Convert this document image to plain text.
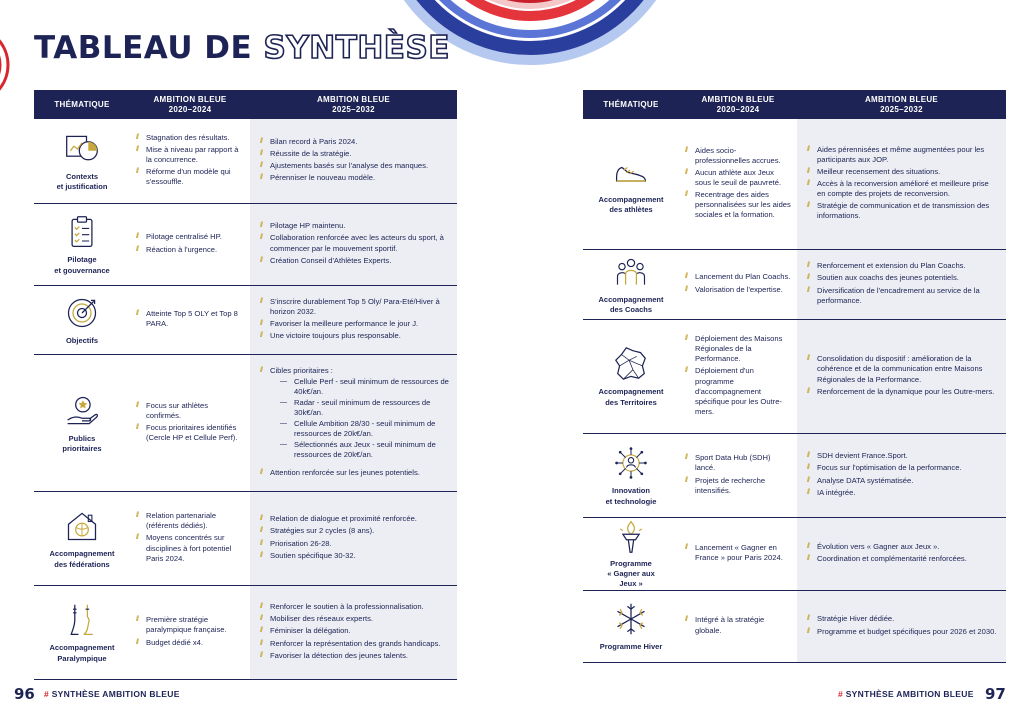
TABLEAU DE SYNTHÈSE
THÉMATIQUE
AMBITION BLEUE
2020–2024
AMBITION BLEUE
2025–2032
Contexts
et justification
// Stagnation des résultats.
// Mise à niveau par rapport à la concurrence.
// Réforme d'un modèle qui s'essouffle.
// Bilan record à Paris 2024.
// Réussite de la stratégie.
// Ajustements basés sur l'analyse des manques.
// Pérenniser le nouveau modèle.
Pilotage
et gouvernance
// Pilotage centralisé HP.
// Réaction à l'urgence.
// Pilotage HP maintenu.
// Collaboration renforcée avec les acteurs du sport, à commencer par le mouvement sportif.
// Création Conseil d'Athlètes Experts.
Objectifs
// Atteinte Top 5 OLY et Top 8 PARA.
// S'inscrire durablement Top 5 Oly/ Para-Eté/Hiver à horizon 2032.
// Favoriser la meilleure performance le jour J.
// Une victoire toujours plus responsable.
Publics
prioritaires
// Focus sur athlètes confirmés.
// Focus prioritaires identifiés (Cercle HP et Cellule Perf).
// Cibles prioritaires :
— Cellule Perf - seuil minimum de ressources de 40k€/an.
— Radar - seuil minimum de ressources de 30k€/an.
— Cellule Ambition 28/30 - seuil minimum de ressources de 20k€/an.
— Sélectionnés aux Jeux - seuil minimum de ressources de 20k€/an.
// Attention renforcée sur les jeunes potentiels.
Accompagnement
des fédérations
// Relation partenariale (référents dédiés).
// Moyens concentrés sur disciplines à fort potentiel Paris 2024.
// Relation de dialogue et proximité renforcée.
// Stratégies sur 2 cycles (8 ans).
// Priorisation 26-28.
// Soutien spécifique 30-32.
Accompagnement
Paralympique
// Première stratégie paralympique française.
// Budget dédié x4.
// Renforcer le soutien à la professionnalisation.
// Mobiliser des réseaux experts.
// Féminiser la délégation.
// Renforcer la représentation des grands handicaps.
// Favoriser la détection des jeunes talents.
THÉMATIQUE
AMBITION BLEUE
2020–2024
AMBITION BLEUE
2025–2032
Accompagnement
des athlètes
// Aides socio-professionnelles accrues.
// Aucun athlète aux Jeux sous le seuil de pauvreté.
// Recentrage des aides personnalisées sur les aides sociales et la formation.
// Aides pérennisées et même augmentées pour les participants aux JOP.
// Meilleur recensement des situations.
// Accès à la reconversion amélioré et meilleure prise en compte des projets de reconversion.
// Stratégie de communication et de transmission des informations.
Accompagnement
des Coachs
// Lancement du Plan Coachs.
// Valorisation de l'expertise.
// Renforcement et extension du Plan Coachs.
// Soutien aux coachs des jeunes potentiels.
// Diversification de l'encadrement au service de la performance.
Accompagnement
des Territoires
// Déploiement des Maisons Régionales de la Performance.
// Déploiement d'un programme d'accompagnement spécifique pour les Outre-mers.
// Consolidation du dispositif : amélioration de la cohérence et de la communication entre Maisons Régionales de la Performance.
// Renforcement de la dynamique pour les Outre-mers.
Innovation
et technologie
// Sport Data Hub (SDH) lancé.
// Projets de recherche intensifiés.
// SDH devient France.Sport.
// Focus sur l'optimisation de la performance.
// Analyse DATA systématisée.
// IA intégrée.
Programme
« Gagner aux
Jeux »
// Lancement « Gagner en France » pour Paris 2024.
// Évolution vers « Gagner aux Jeux ».
// Coordination et complémentarité renforcées.
Programme Hiver
// Intégré à la stratégie globale.
// Stratégie Hiver dédiée.
// Programme et budget spécifiques pour 2026 et 2030.
96 # SYNTHÈSE AMBITION BLEUE	# SYNTHÈSE AMBITION BLEUE 97
